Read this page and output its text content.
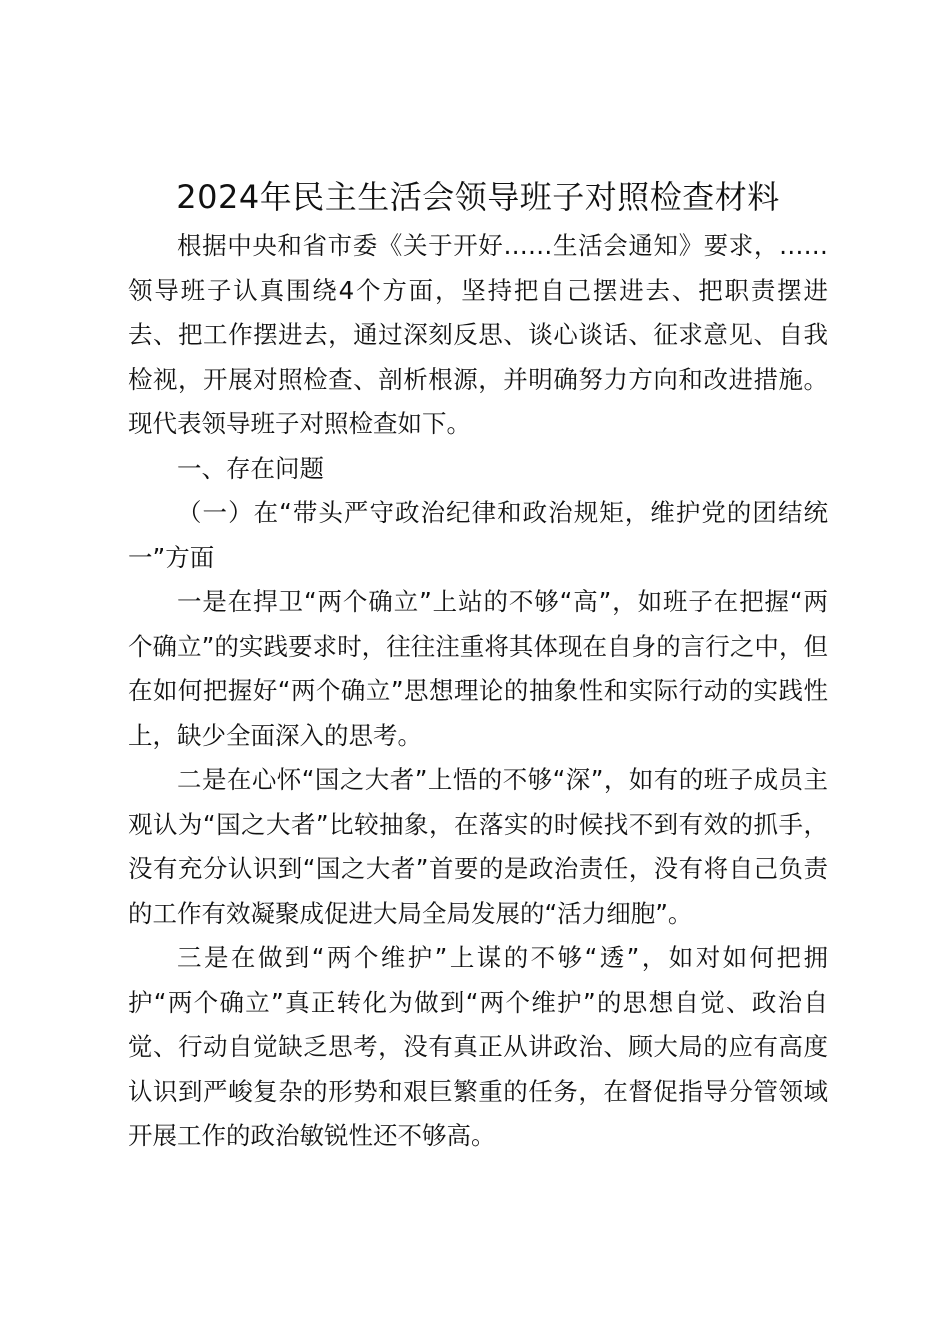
2024年民主生活会领导班子对照检查材料

根据中央和省市委《关于开好……生活会通知》要求，……领导班子认真围绕4个方面，坚持把自己摆进去、把职责摆进去、把工作摆进去，通过深刻反思、谈心谈话、征求意见、自我检视，开展对照检查、剖析根源，并明确努力方向和改进措施。现代表领导班子对照检查如下。

一、存在问题

（一）在“带头严守政治纪律和政治规矩，维护党的团结统一”方面

一是在捍卫“两个确立”上站的不够“高”，如班子在把握“两个确立”的实践要求时，往往注重将其体现在自身的言行之中，但在如何把握好“两个确立”思想理论的抽象性和实际行动的实践性上，缺少全面深入的思考。

二是在心怀“国之大者”上悟的不够“深”，如有的班子成员主观认为“国之大者”比较抽象，在落实的时候找不到有效的抓手，没有充分认识到“国之大者”首要的是政治责任，没有将自己负责的工作有效凝聚成促进大局全局发展的“活力细胞”。

三是在做到“两个维护”上谋的不够“透”，如对如何把拥护“两个确立”真正转化为做到“两个维护”的思想自觉、政治自觉、行动自觉缺乏思考，没有真正从讲政治、顾大局的应有高度认识到严峻复杂的形势和艰巨繁重的任务，在督促指导分管领域开展工作的政治敏锐性还不够高。
